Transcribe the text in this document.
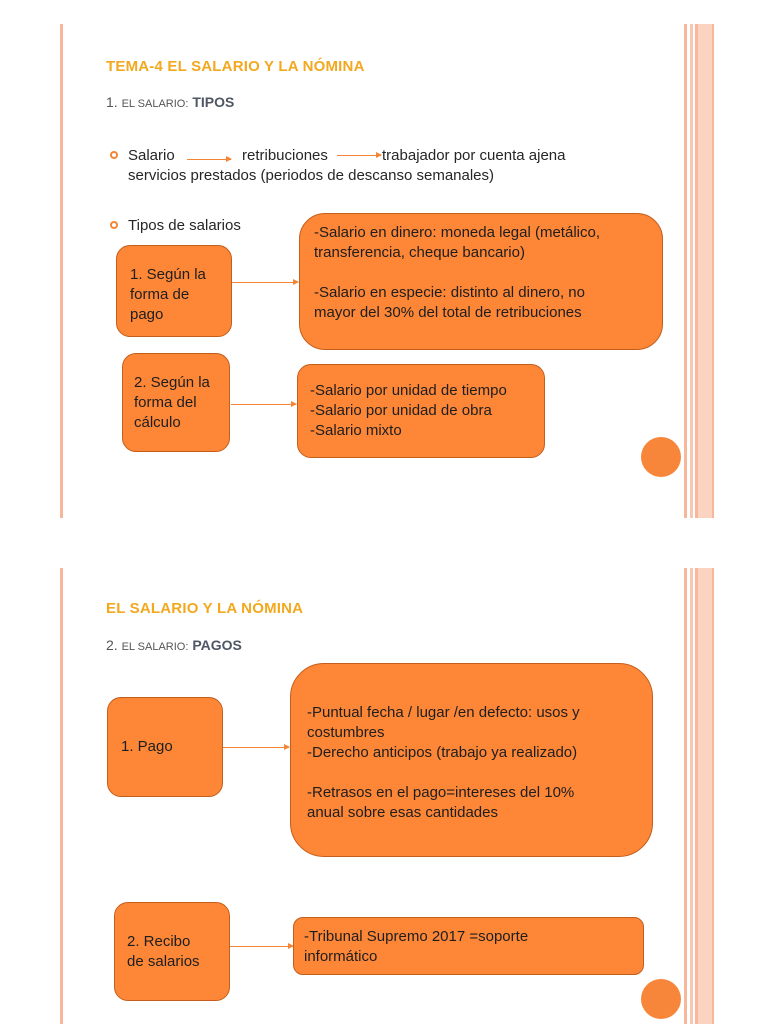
TEMA-4 EL SALARIO Y LA NÓMINA
1. EL SALARIO: TIPOS
Salario	retribuciones	trabajador por cuenta ajena
servicios prestados (periodos de descanso semanales)
Tipos de salarios
1. Según la
forma de
pago
-Salario en dinero: moneda legal (metálico,
transferencia, cheque bancario)

-Salario en especie: distinto al dinero, no
mayor del 30% del total de retribuciones
2. Según la
forma del
cálculo
-Salario por unidad de tiempo
-Salario por unidad de obra
-Salario mixto
EL SALARIO Y LA NÓMINA
2. EL SALARIO: PAGOS
1. Pago
-Puntual fecha / lugar /en defecto: usos y
costumbres
-Derecho anticipos (trabajo ya realizado)

-Retrasos en el pago=intereses del 10%
anual sobre esas cantidades
2. Recibo
de salarios
-Tribunal Supremo 2017 =soporte
informático
